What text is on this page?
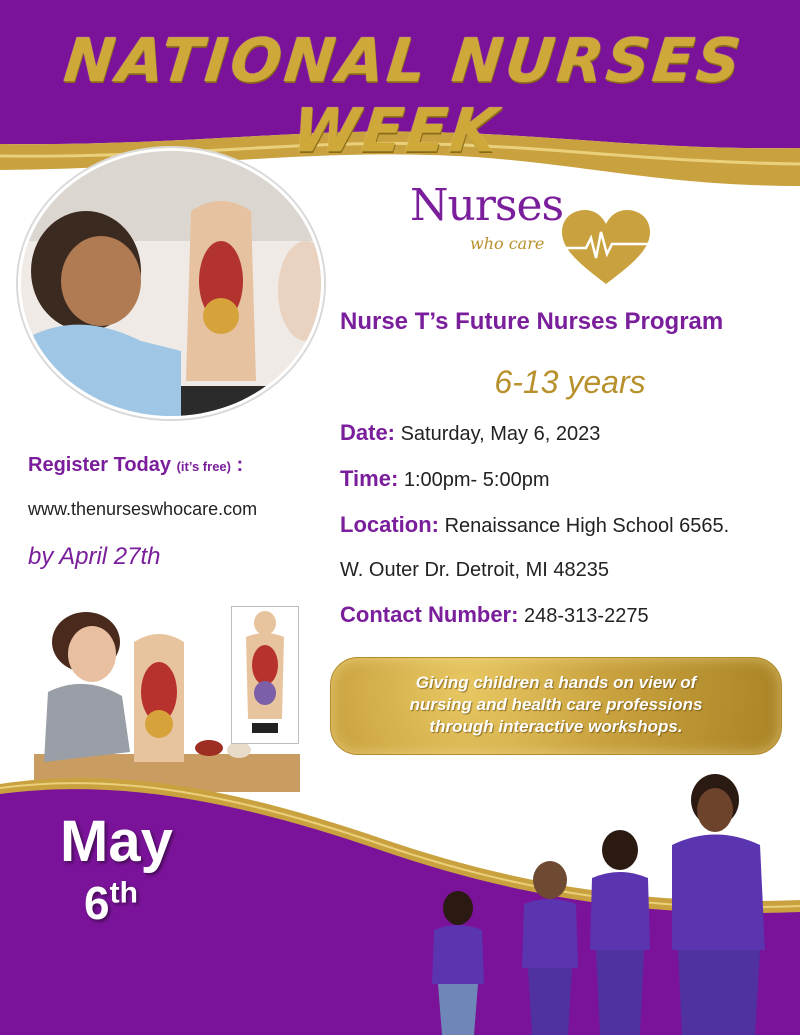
NATIONAL NURSES WEEK
Nurses
who care
Nurse T’s Future Nurses Program
6-13 years
Date: Saturday, May 6, 2023
Time: 1:00pm- 5:00pm
Location: Renaissance High School 6565.
W. Outer Dr. Detroit, MI 48235
Contact Number: 248-313-2275
Giving children a hands on view of
nursing and health care professions
through interactive workshops.
Register Today (it’s free) :
www.thenurseswhocare.com
by April 27th
May
6th
